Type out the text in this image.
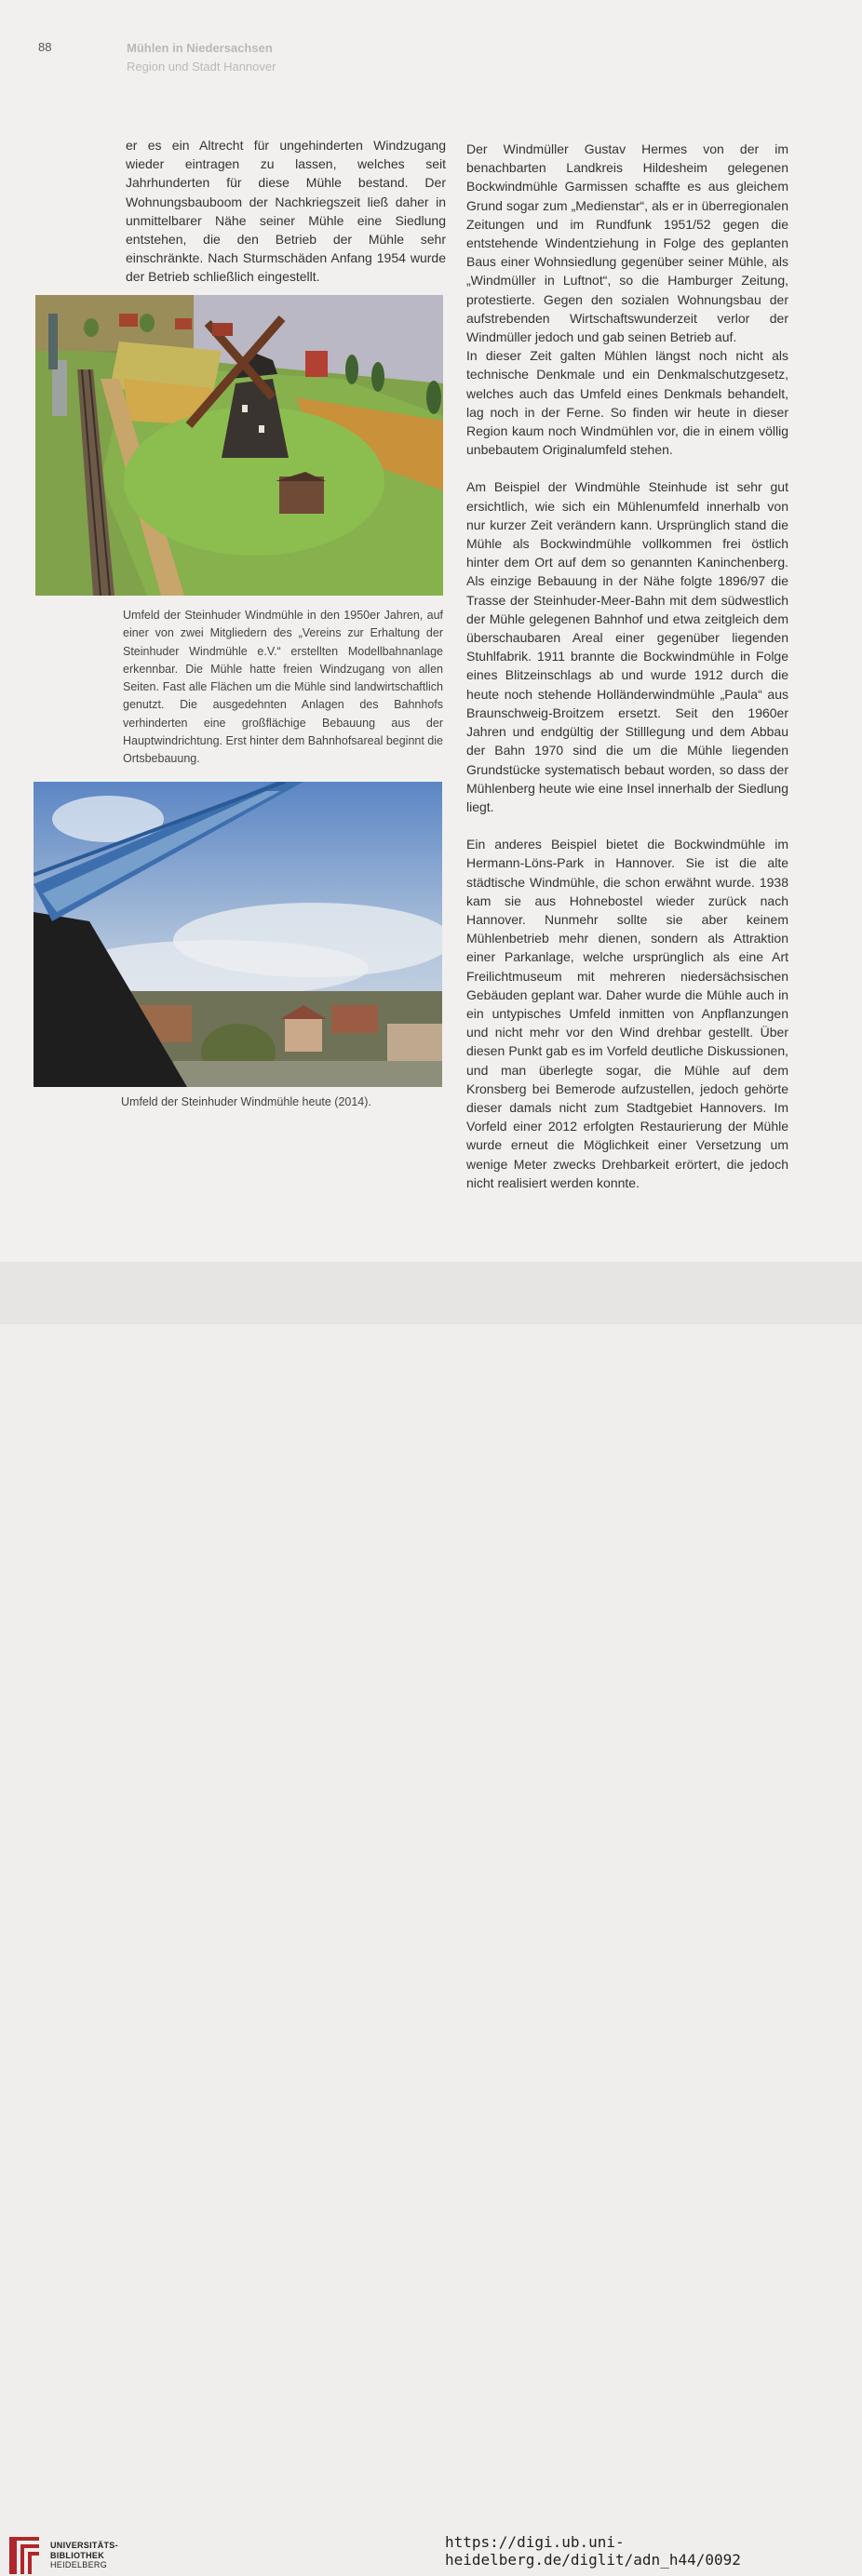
88	Mühlen in Niedersachsen
Region und Stadt Hannover

er es ein Altrecht für ungehinderten Windzugang wieder eintragen zu lassen, welches seit Jahrhunderten für diese Mühle bestand. Der Wohnungsbauboom der Nachkriegszeit ließ daher in unmittelbarer Nähe seiner Mühle eine Siedlung entstehen, die den Betrieb der Mühle sehr einschränkte. Nach Sturmschäden Anfang 1954 wurde der Betrieb schließlich eingestellt.

Umfeld der Steinhuder Windmühle in den 1950er Jahren, auf einer von zwei Mitgliedern des „Vereins zur Erhaltung der Steinhuder Windmühle e.V.“ erstellten Modellbahnanlage erkennbar. Die Mühle hatte freien Windzugang von allen Seiten. Fast alle Flächen um die Mühle sind landwirtschaftlich genutzt. Die ausgedehnten Anlagen des Bahnhofs verhinderten eine großflächige Bebauung aus der Hauptwindrichtung. Erst hinter dem Bahnhofsareal beginnt die Ortsbebauung.
Umfeld der Steinhuder Windmühle heute (2014).

Der Windmüller Gustav Hermes von der im benachbarten Landkreis Hildesheim gelegenen Bockwindmühle Garmissen schaffte es aus gleichem Grund sogar zum „Medienstar“, als er in überregionalen Zeitungen und im Rundfunk 1951/52 gegen die entstehende Windentziehung in Folge des geplanten Baus einer Wohnsiedlung gegenüber seiner Mühle, als „Windmüller in Luftnot“, so die Hamburger Zeitung, protestierte. Gegen den sozialen Wohnungsbau der aufstrebenden Wirtschaftswunderzeit verlor der Windmüller jedoch und gab seinen Betrieb auf.

In dieser Zeit galten Mühlen längst noch nicht als technische Denkmale und ein Denkmalschutzgesetz, welches auch das Umfeld eines Denkmals behandelt, lag noch in der Ferne. So finden wir heute in dieser Region kaum noch Windmühlen vor, die in einem völlig unbebautem Originalumfeld stehen.

Am Beispiel der Windmühle Steinhude ist sehr gut ersichtlich, wie sich ein Mühlenumfeld innerhalb von nur kurzer Zeit verändern kann. Ursprünglich stand die Mühle als Bockwindmühle vollkommen frei östlich hinter dem Ort auf dem so genannten Kaninchenberg. Als einzige Bebauung in der Nähe folgte 1896/97 die Trasse der Steinhuder-Meer-Bahn mit dem südwestlich der Mühle gelegenen Bahnhof und etwa zeitgleich dem überschaubaren Areal einer gegenüber liegenden Stuhlfabrik. 1911 brannte die Bockwindmühle in Folge eines Blitzeinschlags ab und wurde 1912 durch die heute noch stehende Holländerwindmühle „Paula“ aus Braunschweig-Broitzem ersetzt. Seit den 1960er Jahren und endgültig der Stilllegung und dem Abbau der Bahn 1970 sind die um die Mühle liegenden Grundstücke systematisch bebaut worden, so dass der Mühlenberg heute wie eine Insel innerhalb der Siedlung liegt.

Ein anderes Beispiel bietet die Bockwindmühle im Hermann-Löns-Park in Hannover. Sie ist die alte städtische Windmühle, die schon erwähnt wurde. 1938 kam sie aus Hohnebostel wieder zurück nach Hannover. Nunmehr sollte sie aber keinem Mühlenbetrieb mehr dienen, sondern als Attraktion einer Parkanlage, welche ursprünglich als eine Art Freilichtmuseum mit mehreren niedersächsischen Gebäuden geplant war. Daher wurde die Mühle auch in ein untypisches Umfeld inmitten von Anpflanzungen und nicht mehr vor den Wind drehbar gestellt. Über diesen Punkt gab es im Vorfeld deutliche Diskussionen, und man überlegte sogar, die Mühle auf dem Kronsberg bei Bemerode aufzustellen, jedoch gehörte dieser damals nicht zum Stadtgebiet Hannovers. Im Vorfeld einer 2012 erfolgten Restaurierung der Mühle wurde erneut die Möglichkeit einer Versetzung um wenige Meter zwecks Drehbarkeit erörtert, die jedoch nicht realisiert werden konnte.

UNIVERSITÄTS-
BIBLIOTHEK
HEIDELBERG
https://digi.ub.uni-heidelberg.de/diglit/adn_h44/0092
